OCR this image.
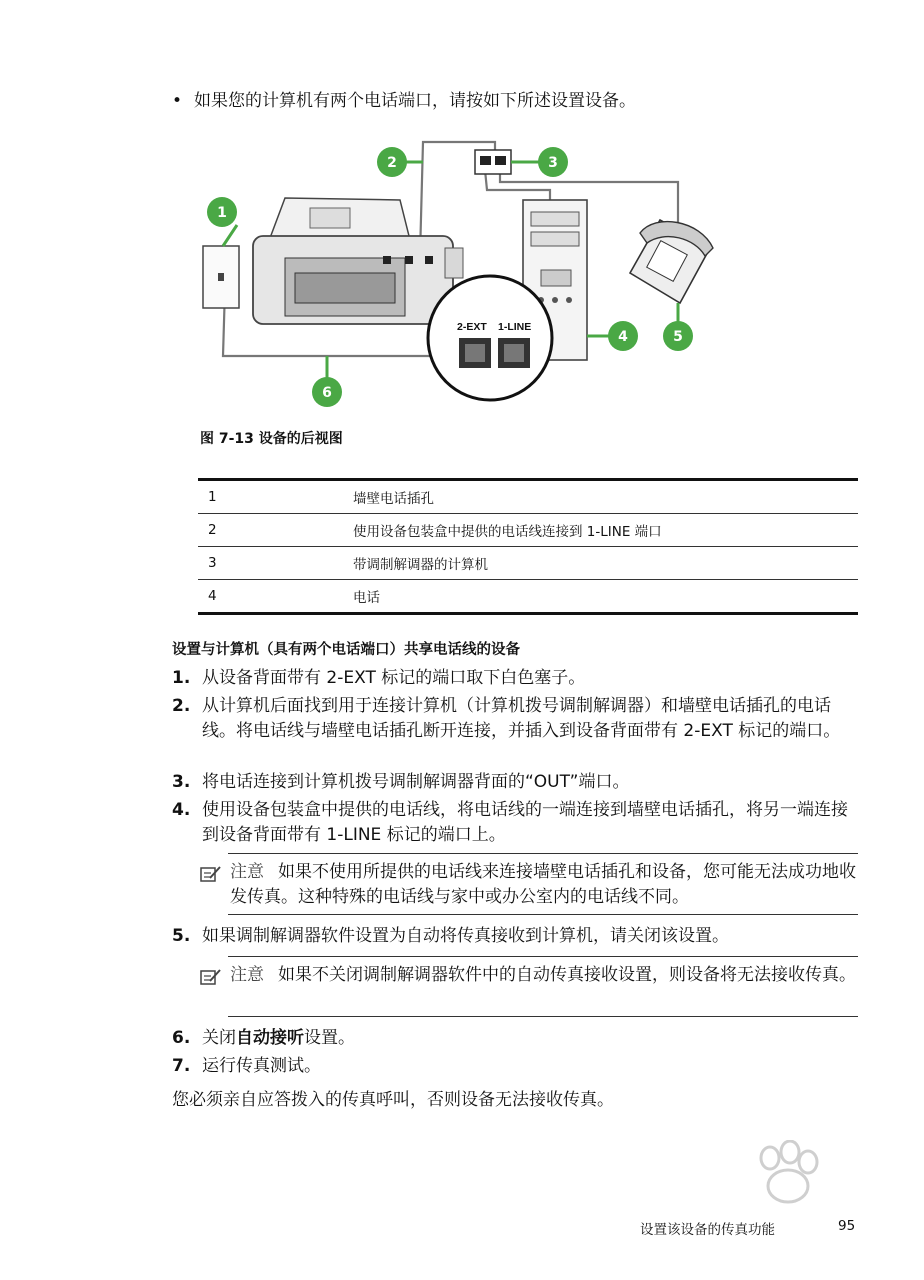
• 如果您的计算机有两个电话端口，请按如下所述设置设备。
2-EXT 1-LINE
1
2	3
4	5
6
图 7-13 设备的后视图
1	墙壁电话插孔
2	使用设备包装盒中提供的电话线连接到 1-LINE 端口
3	带调制解调器的计算机
4	电话
设置与计算机（具有两个电话端口）共享电话线的设备
1. 从设备背面带有 2-EXT 标记的端口取下白色塞子。
2. 从计算机后面找到用于连接计算机（计算机拨号调制解调器）和墙壁电话插孔的电话线。将电话线与墙壁电话插孔断开连接，并插入到设备背面带有 2-EXT 标记的端口。
3. 将电话连接到计算机拨号调制解调器背面的“OUT”端口。
4. 使用设备包装盒中提供的电话线，将电话线的一端连接到墙壁电话插孔，将另一端连接到设备背面带有 1-LINE 标记的端口上。
注意 如果不使用所提供的电话线来连接墙壁电话插孔和设备，您可能无法成功地收发传真。这种特殊的电话线与家中或办公室内的电话线不同。
5. 如果调制解调器软件设置为自动将传真接收到计算机，请关闭该设置。
注意 如果不关闭调制解调器软件中的自动传真接收设置，则设备将无法接收传真。
6. 关闭自动接听设置。
7. 运行传真测试。
您必须亲自应答拨入的传真呼叫，否则设备无法接收传真。
设置该设备的传真功能	95
